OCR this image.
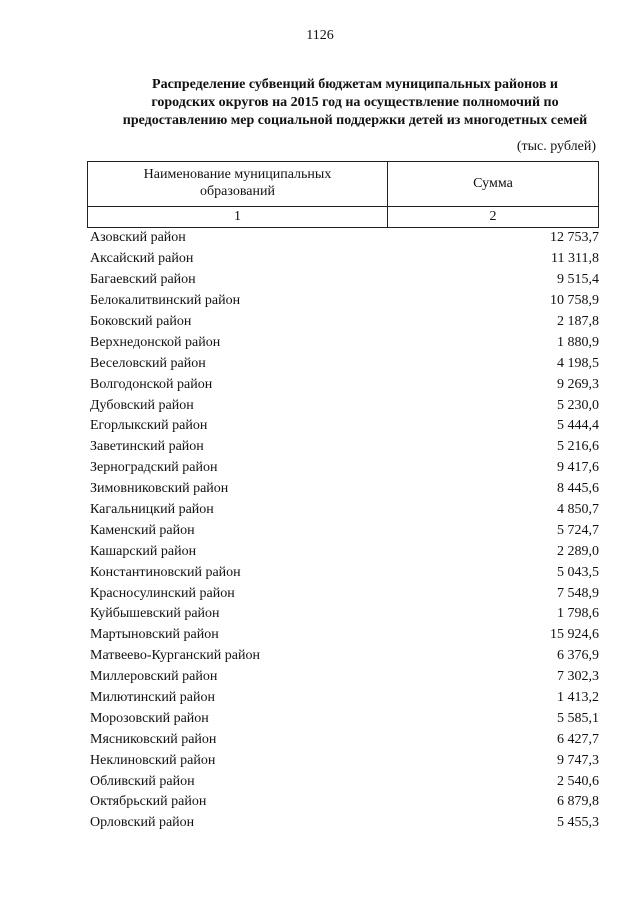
1126
Распределение субвенций бюджетам муниципальных районов и
городских округов на 2015 год на осуществление полномочий по
предоставлению мер социальной поддержки детей из многодетных семей
(тыс. рублей)
Наименование муниципальных
образований
Сумма
1	2
Азовский район	12 753,7
Аксайский район	11 311,8
Багаевский район	9 515,4
Белокалитвинский район	10 758,9
Боковский район	2 187,8
Верхнедонской район	1 880,9
Веселовский район	4 198,5
Волгодонской район	9 269,3
Дубовский район	5 230,0
Егорлыкский район	5 444,4
Заветинский район	5 216,6
Зерноградский район	9 417,6
Зимовниковский район	8 445,6
Кагальницкий район	4 850,7
Каменский район	5 724,7
Кашарский район	2 289,0
Константиновский район	5 043,5
Красносулинский район	7 548,9
Куйбышевский район	1 798,6
Мартыновский район	15 924,6
Матвеево-Курганский район	6 376,9
Миллеровский район	7 302,3
Милютинский район	1 413,2
Морозовский район	5 585,1
Мясниковский район	6 427,7
Неклиновский район	9 747,3
Обливский район	2 540,6
Октябрьский район	6 879,8
Орловский район	5 455,3
